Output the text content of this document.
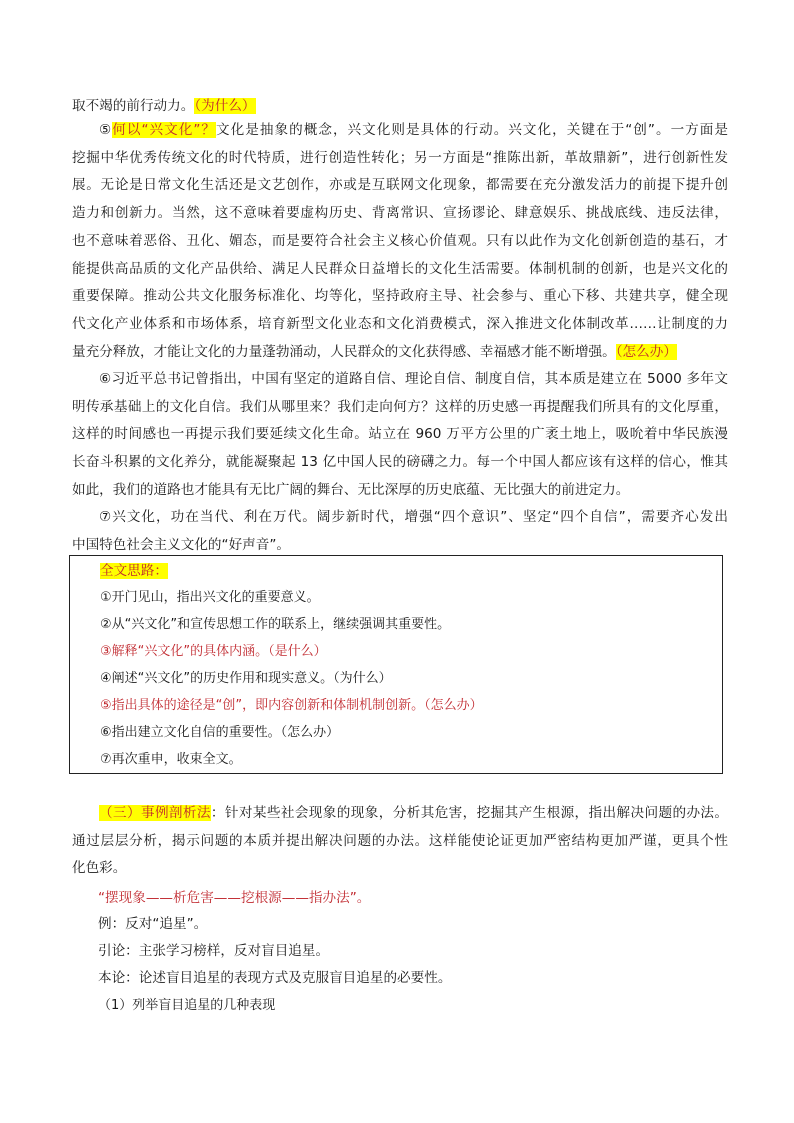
取不竭的前行动力。（为什么）
⑤何以“兴文化”？文化是抽象的概念，兴文化则是具体的行动。兴文化，关键在于“创”。一方面是
挖掘中华优秀传统文化的时代特质，进行创造性转化；另一方面是“推陈出新，革故鼎新”，进行创新性发
展。无论是日常文化生活还是文艺创作，亦或是互联网文化现象，都需要在充分激发活力的前提下提升创
造力和创新力。当然，这不意味着要虚构历史、背离常识、宣扬谬论、肆意娱乐、挑战底线、违反法律，
也不意味着恶俗、丑化、媚态，而是要符合社会主义核心价值观。只有以此作为文化创新创造的基石，才
能提供高品质的文化产品供给、满足人民群众日益增长的文化生活需要。体制机制的创新，也是兴文化的
重要保障。推动公共文化服务标准化、均等化，坚持政府主导、社会参与、重心下移、共建共享，健全现
代文化产业体系和市场体系，培育新型文化业态和文化消费模式，深入推进文化体制改革……让制度的力
量充分释放，才能让文化的力量蓬勃涌动，人民群众的文化获得感、幸福感才能不断增强。（怎么办）
⑥习近平总书记曾指出，中国有坚定的道路自信、理论自信、制度自信，其本质是建立在 5000 多年文
明传承基础上的文化自信。我们从哪里来？我们走向何方？这样的历史感一再提醒我们所具有的文化厚重，
这样的时间感也一再提示我们要延续文化生命。站立在 960 万平方公里的广袤土地上，吸吮着中华民族漫
长奋斗积累的文化养分，就能凝聚起 13 亿中国人民的磅礴之力。每一个中国人都应该有这样的信心，惟其
如此，我们的道路也才能具有无比广阔的舞台、无比深厚的历史底蕴、无比强大的前进定力。
⑦兴文化，功在当代、利在万代。阔步新时代，增强“四个意识”、坚定“四个自信”，需要齐心发出
中国特色社会主义文化的“好声音”。
全文思路：
①开门见山，指出兴文化的重要意义。
②从“兴文化”和宣传思想工作的联系上，继续强调其重要性。
③解释“兴文化”的具体内涵。（是什么）
④阐述“兴文化”的历史作用和现实意义。（为什么）
⑤指出具体的途径是“创”，即内容创新和体制机制创新。（怎么办）
⑥指出建立文化自信的重要性。（怎么办）
⑦再次重申，收束全文。
（三）事例剖析法：针对某些社会现象的现象，分析其危害，挖掘其产生根源，指出解决问题的办法。
通过层层分析，揭示问题的本质并提出解决问题的办法。这样能使论证更加严密结构更加严谨，更具个性
化色彩。
“摆现象——析危害——挖根源——指办法”。
例：反对“追星”。
引论：主张学习榜样，反对盲目追星。
本论：论述盲目追星的表现方式及克服盲目追星的必要性。
（1）列举盲目追星的几种表现
